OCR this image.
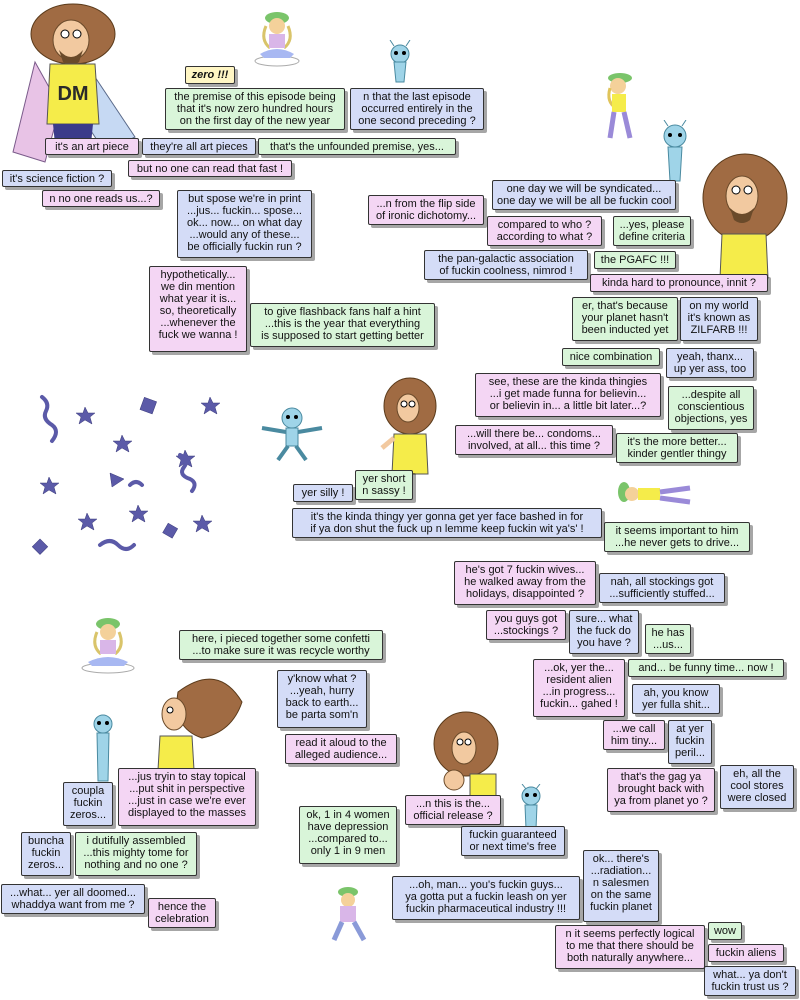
DM
zero !!!
the premise of this episode being
that it's now zero hundred hours
on the first day of the new year
n that the last episode
occurred entirely in the
one second preceding ?
it's an art piece	they're all art pieces	that's the unfounded premise, yes...
but no one can read that fast !
it's science fiction ?
n no one reads us...?	but spose we're in print
...jus... fuckin... spose...
ok... now... on what day
...would any of these...
be officially fuckin run ?
...n from the flip side
of ironic dichotomy...
one day we will be syndicated...
one day we will be all be fuckin cool
compared to who ?
according to what ?
...yes, please
define criteria
the pan-galactic association
of fuckin coolness, nimrod !
the PGAFC !!!
kinda hard to pronounce, innit ?
hypothetically...
we din mention
what year it is...
so, theoretically
...whenever the
fuck we wanna !
to give flashback fans half a hint
...this is the year that everything
is supposed to start getting better
er, that's because
your planet hasn't
been inducted yet
on my world
it's known as
ZILFARB !!!
nice combination	yeah, thanx...
up yer ass, too
see, these are the kinda thingies
...i get made funna for believin...
or believin in... a little bit later...?
...despite all
conscientious
objections, yes
...will there be... condoms...
involved, at all... this time ?	it's the more better...
kinder gentler thingy
yer short
n sassy !
yer silly !
it's the kinda thingy yer gonna get yer face bashed in for
if ya don shut the fuck up n lemme keep fuckin wit ya's' !	it seems important to him
...he never gets to drive...
he's got 7 fuckin wives...
he walked away from the
holidays, disappointed ?
nah, all stockings got
...sufficiently stuffed...
you guys got
...stockings ?
sure... what
the fuck do
you have ?
he has
...us...
...ok, yer the...
resident alien
...in progress...
fuckin... gahed !
and... be funny time... now !
ah, you know
yer fulla shit...
...we call
him tiny...
at yer
fuckin
peril...
that's the gag ya
brought back with
ya from planet yo ?
eh, all the
cool stores
were closed
here, i pieced together some confetti
...to make sure it was recycle worthy
y'know what ?
...yeah, hurry
back to earth...
be parta som'n
read it aloud to the
alleged audience...
...jus tryin to stay topical
...put shit in perspective
...just in case we're ever
displayed to the masses
coupla
fuckin
zeros...
...n this is the...
official release ?
ok, 1 in 4 women
have depression
...compared to...
only 1 in 9 men
fuckin guaranteed
or next time's free
buncha
fuckin
zeros...
i dutifully assembled
...this mighty tome for
nothing and no one ?	ok... there's
...radiation...
n salesmen
on the same
fuckin planet
...oh, man... you's fuckin guys...
ya gotta put a fuckin leash on yer
fuckin pharmaceutical industry !!!
...what... yer all doomed...
whaddya want from me ?	hence the
celebration
n it seems perfectly logical
to me that there should be
both naturally anywhere...
wow
fuckin aliens
what... ya don't
fuckin trust us ?
